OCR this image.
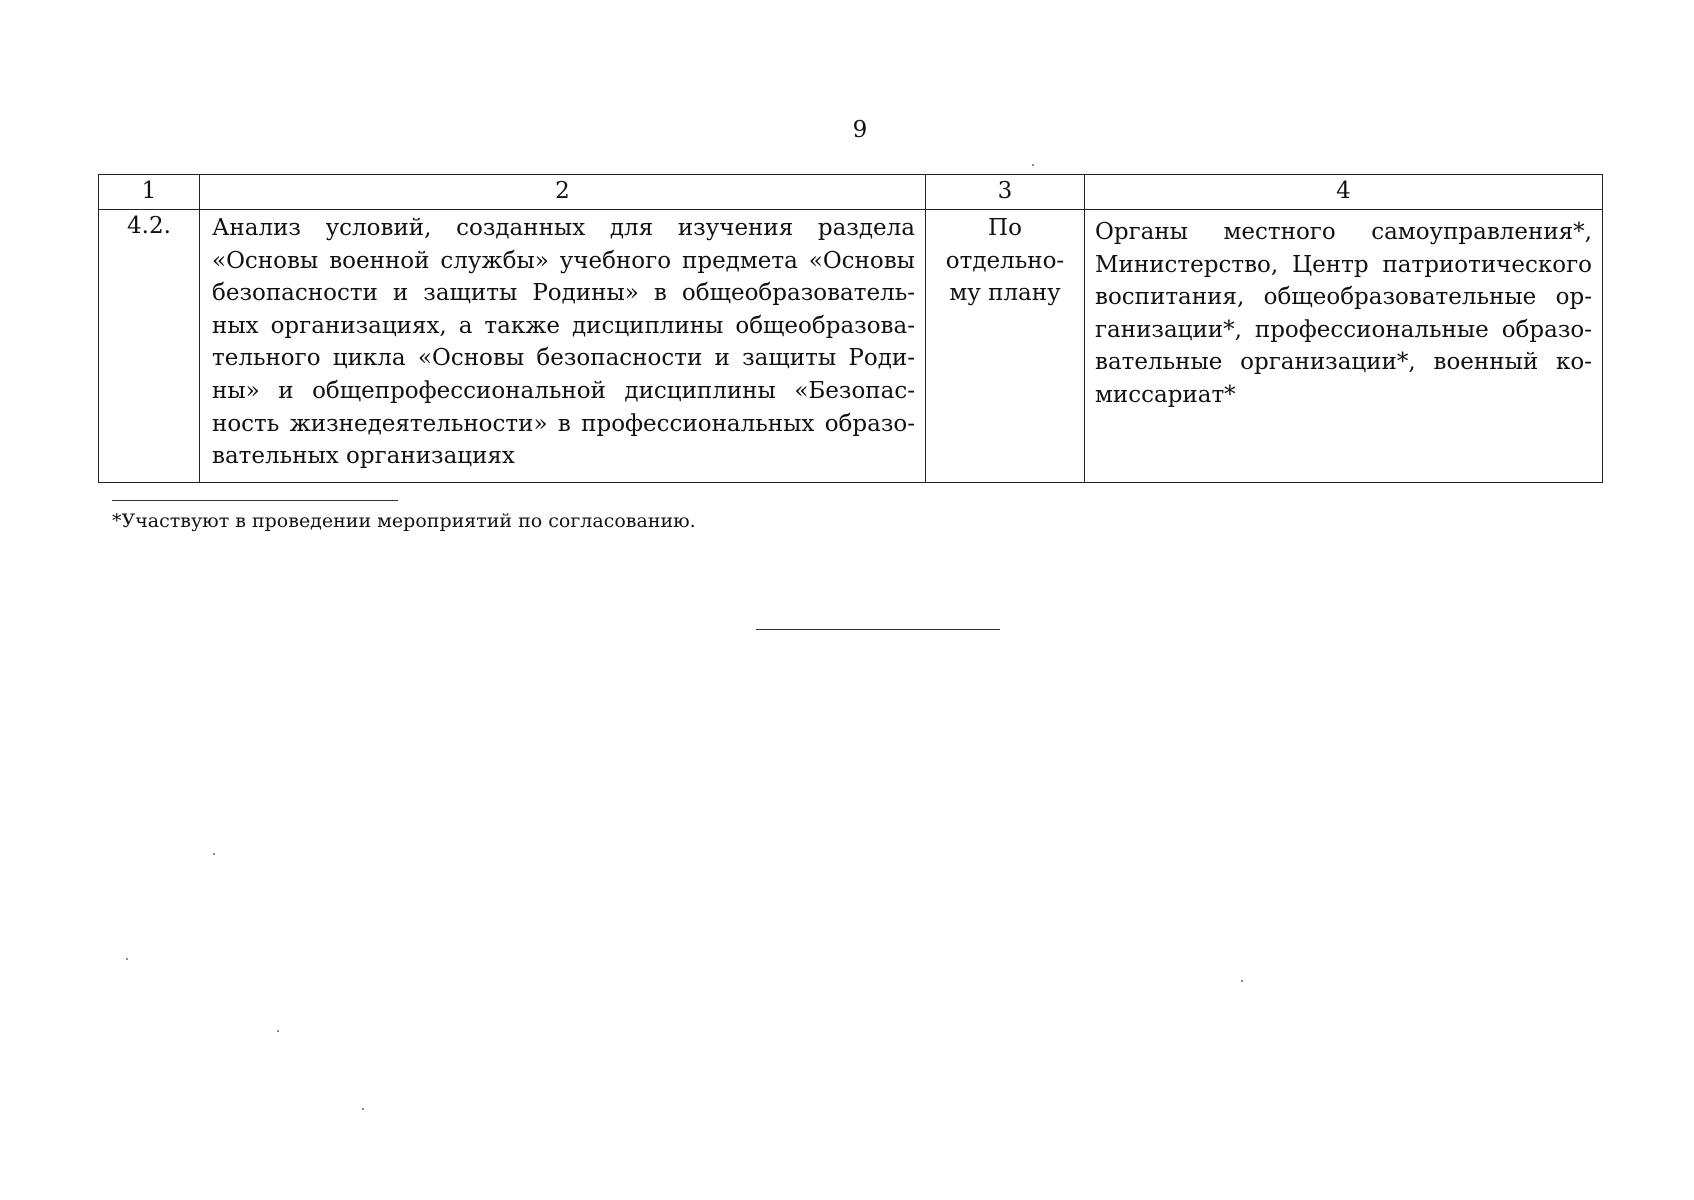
9
1	2	3	4
4.2.	Анализ условий, созданных для изучения раздела «Основы военной службы» учебного предмета «Основы безопасности и защиты Родины» в общеобразователь-ных организациях, а также дисциплины общеобразова-тельного цикла «Основы безопасности и защиты Роди-ны» и общепрофессиональной дисциплины «Безопас-ность жизнедеятельности» в профессиональных образо-вательных организациях	По отдельно-му плану	Органы местного самоуправления*, Министерство, Центр патриотического воспитания, общеобразовательные ор-ганизации*, профессиональные образо-вательные организации*, военный ко-миссариат*
*Участвуют в проведении мероприятий по согласованию.
